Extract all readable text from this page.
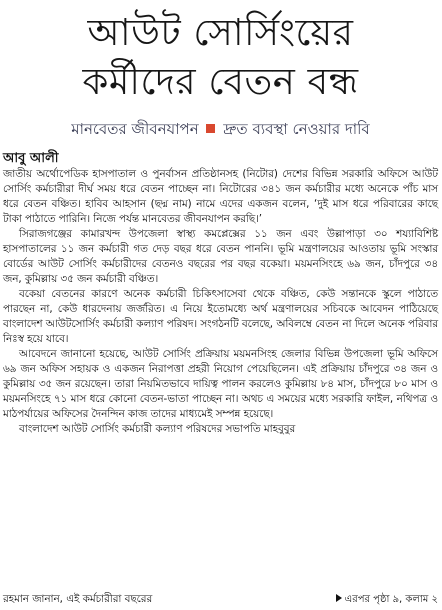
আউট সোর্সিংয়ের
কর্মীদের বেতন বন্ধ
মানবেতর জীবনযাপন দ্রুত ব্যবস্থা নেওয়ার দাবি
আবু আলী

জাতীয় অর্থোপেডিক হাসপাতাল ও পুনর্বাসন প্রতিষ্ঠানসহ (নিটোর) দেশের বিভিন্ন সরকারি অফিসে আউট সোর্সিং কর্মচারীরা দীর্ঘ সময় ধরে বেতন পাচ্ছেন না। নিটোরের ৩৪১ জন কর্মচারীর মধ্যে অনেকে পাঁচ মাস ধরে বেতন বঞ্চিত। হাবিব আহসান (ছদ্ম নাম) নামে এদের একজন বলেন, ‘দুই মাস ধরে পরিবারের কাছে টাকা পাঠাতে পারিনি। নিজে পর্যন্ত মানবেতর জীবনযাপন করছি।’

সিরাজগঞ্জের কামারখন্দ উপজেলা স্বাস্থ্য কমপ্লেক্সের ১১ জন এবং উল্লাপাড়া ৩০ শয্যাবিশিষ্ট হাসপাতালের ১১ জন কর্মচারী গত দেড় বছর ধরে বেতন পাননি। ভূমি মন্ত্রণালয়ের আওতায় ভূমি সংস্কার বোর্ডের আউট সোর্সিং কর্মচারীদের বেতনও বছরের পর বছর বকেয়া। ময়মনসিংহে ৬৯ জন, চাঁদপুরে ৩৪ জন, কুমিল্লায় ৩৫ জন কর্মচারী বঞ্চিত।

বকেয়া বেতনের কারণে অনেক কর্মচারী চিকিৎসাসেবা থেকে বঞ্চিত, কেউ সন্তানকে স্কুলে পাঠাতে পারছেন না, কেউ ধারদেনায় জর্জরিত। এ নিয়ে ইতোমধ্যে অর্থ মন্ত্রণালয়ের সচিবকে আবেদন পাঠিয়েছে বাংলাদেশ আউটসোর্সিং কর্মচারী কল্যাণ পরিষদ। সংগঠনটি বলেছে, অবিলম্বে বেতন না দিলে অনেক পরিবার নিঃস্ব হয়ে যাবে।

আবেদনে জানানো হয়েছে, আউট সোর্সিং প্রক্রিয়ায় ময়মনসিংহ জেলার বিভিন্ন উপজেলা ভূমি অফিসে ৬৯ জন অফিস সহায়ক ও একজন নিরাপত্তা প্রহরী নিয়োগ পেয়েছিলেন। এই প্রক্রিয়ায় চাঁদপুরে ৩৪ জন ও কুমিল্লায় ৩৫ জন রয়েছেন। তারা নিয়মিতভাবে দায়িত্ব পালন করলেও কুমিল্লায় ৮৪ মাস, চাঁদপুরে ৮০ মাস ও ময়মনসিংহে ৭১ মাস ধরে কোনো বেতন-ভাতা পাচ্ছেন না। অথচ এ সময়ের মধ্যে সরকারি ফাইল, নথিপত্র ও মাঠপর্যায়ের অফিসের দৈনন্দিন কাজ তাদের মাধ্যমেই সম্পন্ন হয়েছে।

বাংলাদেশ আউট সোর্সিং কর্মচারী কল্যাণ পরিষদের সভাপতি মাহবুবুর

রহমান জানান, এই কর্মচারীরা বছরের	এরপর পৃষ্ঠা ৯, কলাম ২
